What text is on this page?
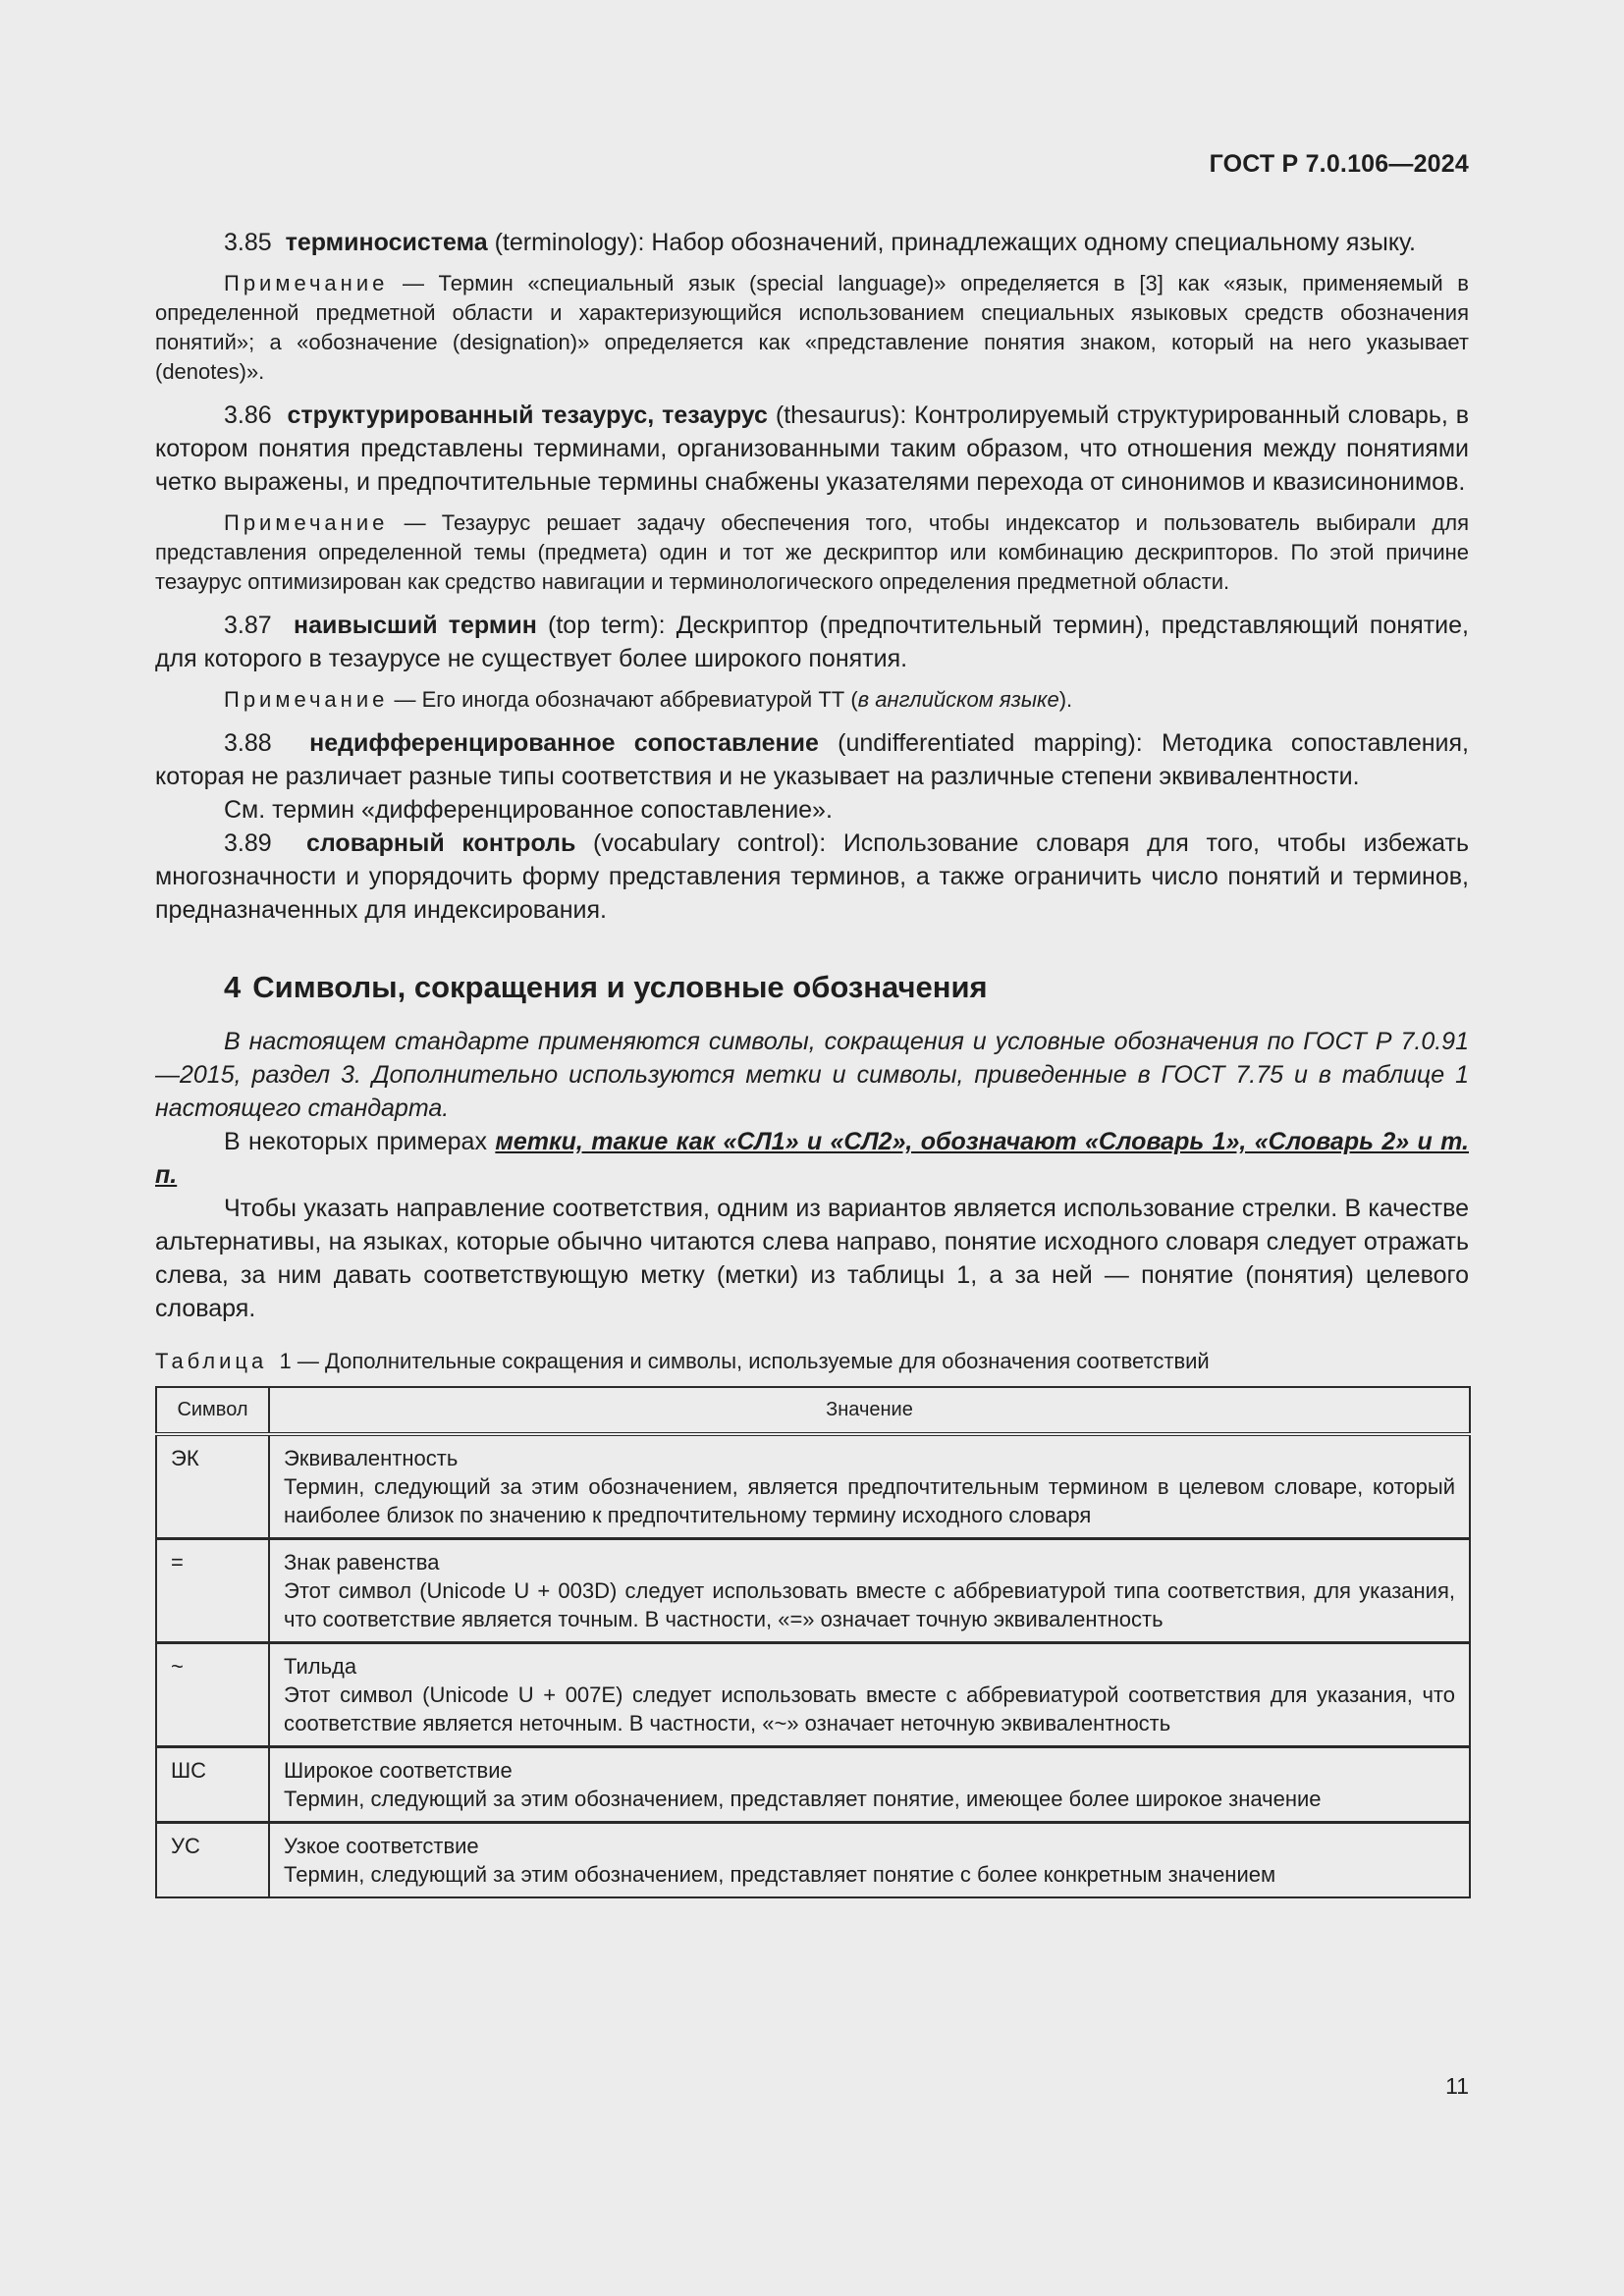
ГОСТ Р 7.0.106—2024

3.85 терминосистема (terminology): Набор обозначений, принадлежащих одному специальному языку.

Примечание — Термин «специальный язык (special language)» определяется в [3] как «язык, применяемый в определенной предметной области и характеризующийся использованием специальных языковых средств обозначения понятий»; а «обозначение (designation)» определяется как «представление понятия знаком, который на него указывает (denotes)».

3.86 структурированный тезаурус, тезаурус (thesaurus): Контролируемый структурированный словарь, в котором понятия представлены терминами, организованными таким образом, что отношения между понятиями четко выражены, и предпочтительные термины снабжены указателями перехода от синонимов и квазисинонимов.

Примечание — Тезаурус решает задачу обеспечения того, чтобы индексатор и пользователь выбирали для представления определенной темы (предмета) один и тот же дескриптор или комбинацию дескрипторов. По этой причине тезаурус оптимизирован как средство навигации и терминологического определения предметной области.

3.87 наивысший термин (top term): Дескриптор (предпочтительный термин), представляющий понятие, для которого в тезаурусе не существует более широкого понятия.

Примечание — Его иногда обозначают аббревиатурой ТТ (в английском языке).

3.88 недифференцированное сопоставление (undifferentiated mapping): Методика сопоставления, которая не различает разные типы соответствия и не указывает на различные степени эквивалентности.

См. термин «дифференцированное сопоставление».

3.89 словарный контроль (vocabulary control): Использование словаря для того, чтобы избежать многозначности и упорядочить форму представления терминов, а также ограничить число понятий и терминов, предназначенных для индексирования.

4 Символы, сокращения и условные обозначения

В настоящем стандарте применяются символы, сокращения и условные обозначения по ГОСТ Р 7.0.91—2015, раздел 3. Дополнительно используются метки и символы, приведенные в ГОСТ 7.75 и в таблице 1 настоящего стандарта.

В некоторых примерах метки, такие как «СЛ1» и «СЛ2», обозначают «Словарь 1», «Словарь 2» и т. п.

Чтобы указать направление соответствия, одним из вариантов является использование стрелки. В качестве альтернативы, на языках, которые обычно читаются слева направо, понятие исходного словаря следует отражать слева, за ним давать соответствующую метку (метки) из таблицы 1, а за ней — понятие (понятия) целевого словаря.

Таблица 1 — Дополнительные сокращения и символы, используемые для обозначения соответствий
Символ	Значение
ЭК	Эквивалентность
Термин, следующий за этим обозначением, является предпочтительным термином в целевом словаре, который наиболее близок по значению к предпочтительному термину исходного словаря

=	Знак равенства
Этот символ (Unicode U + 003D) следует использовать вместе с аббревиатурой типа соответствия, для указания, что соответствие является точным. В частности, «=» означает точную эквивалентность

~	Тильда
Этот символ (Unicode U + 007E) следует использовать вместе с аббревиатурой соответствия для указания, что соответствие является неточным. В частности, «~» означает неточную эквивалентность

ШС	Широкое соответствие
Термин, следующий за этим обозначением, представляет понятие, имеющее более широкое значение

УС	Узкое соответствие
Термин, следующий за этим обозначением, представляет понятие с более конкретным значением
11
